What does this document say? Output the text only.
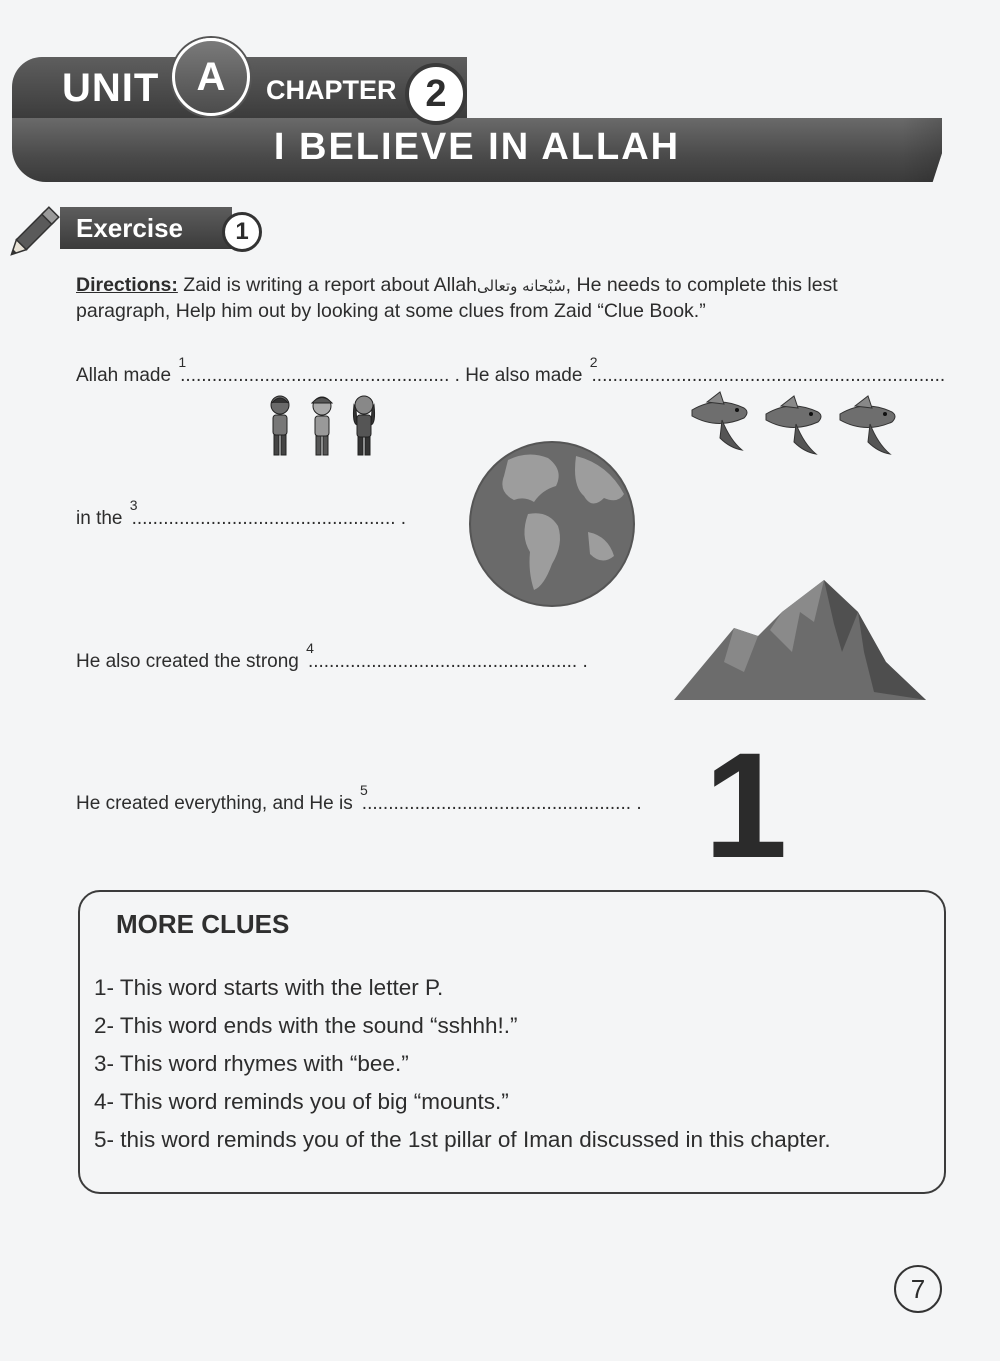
UNIT A	CHAPTER 2
I BELIEVE IN ALLAH
Exercise	1
Directions: Zaid is writing a report about Allahسُبْحانه وتعالى, He needs to complete this lest paragraph, Help him out by looking at some clues from Zaid “Clue Book.”
Allah made $^1$................................................... . He also made $^2$...................................................................
in the $^3$.................................................. .
He also created the strong $^4$................................................... .
1
He created everything, and He is $^5$................................................... .
MORE CLUES
1- This word starts with the letter P.
2- This word ends with the sound “sshhh!.”
3- This word rhymes with “bee.”
4- This word reminds you of big “mounts.”
5- this word reminds you of the 1st pillar of Iman discussed in this chapter.
7
